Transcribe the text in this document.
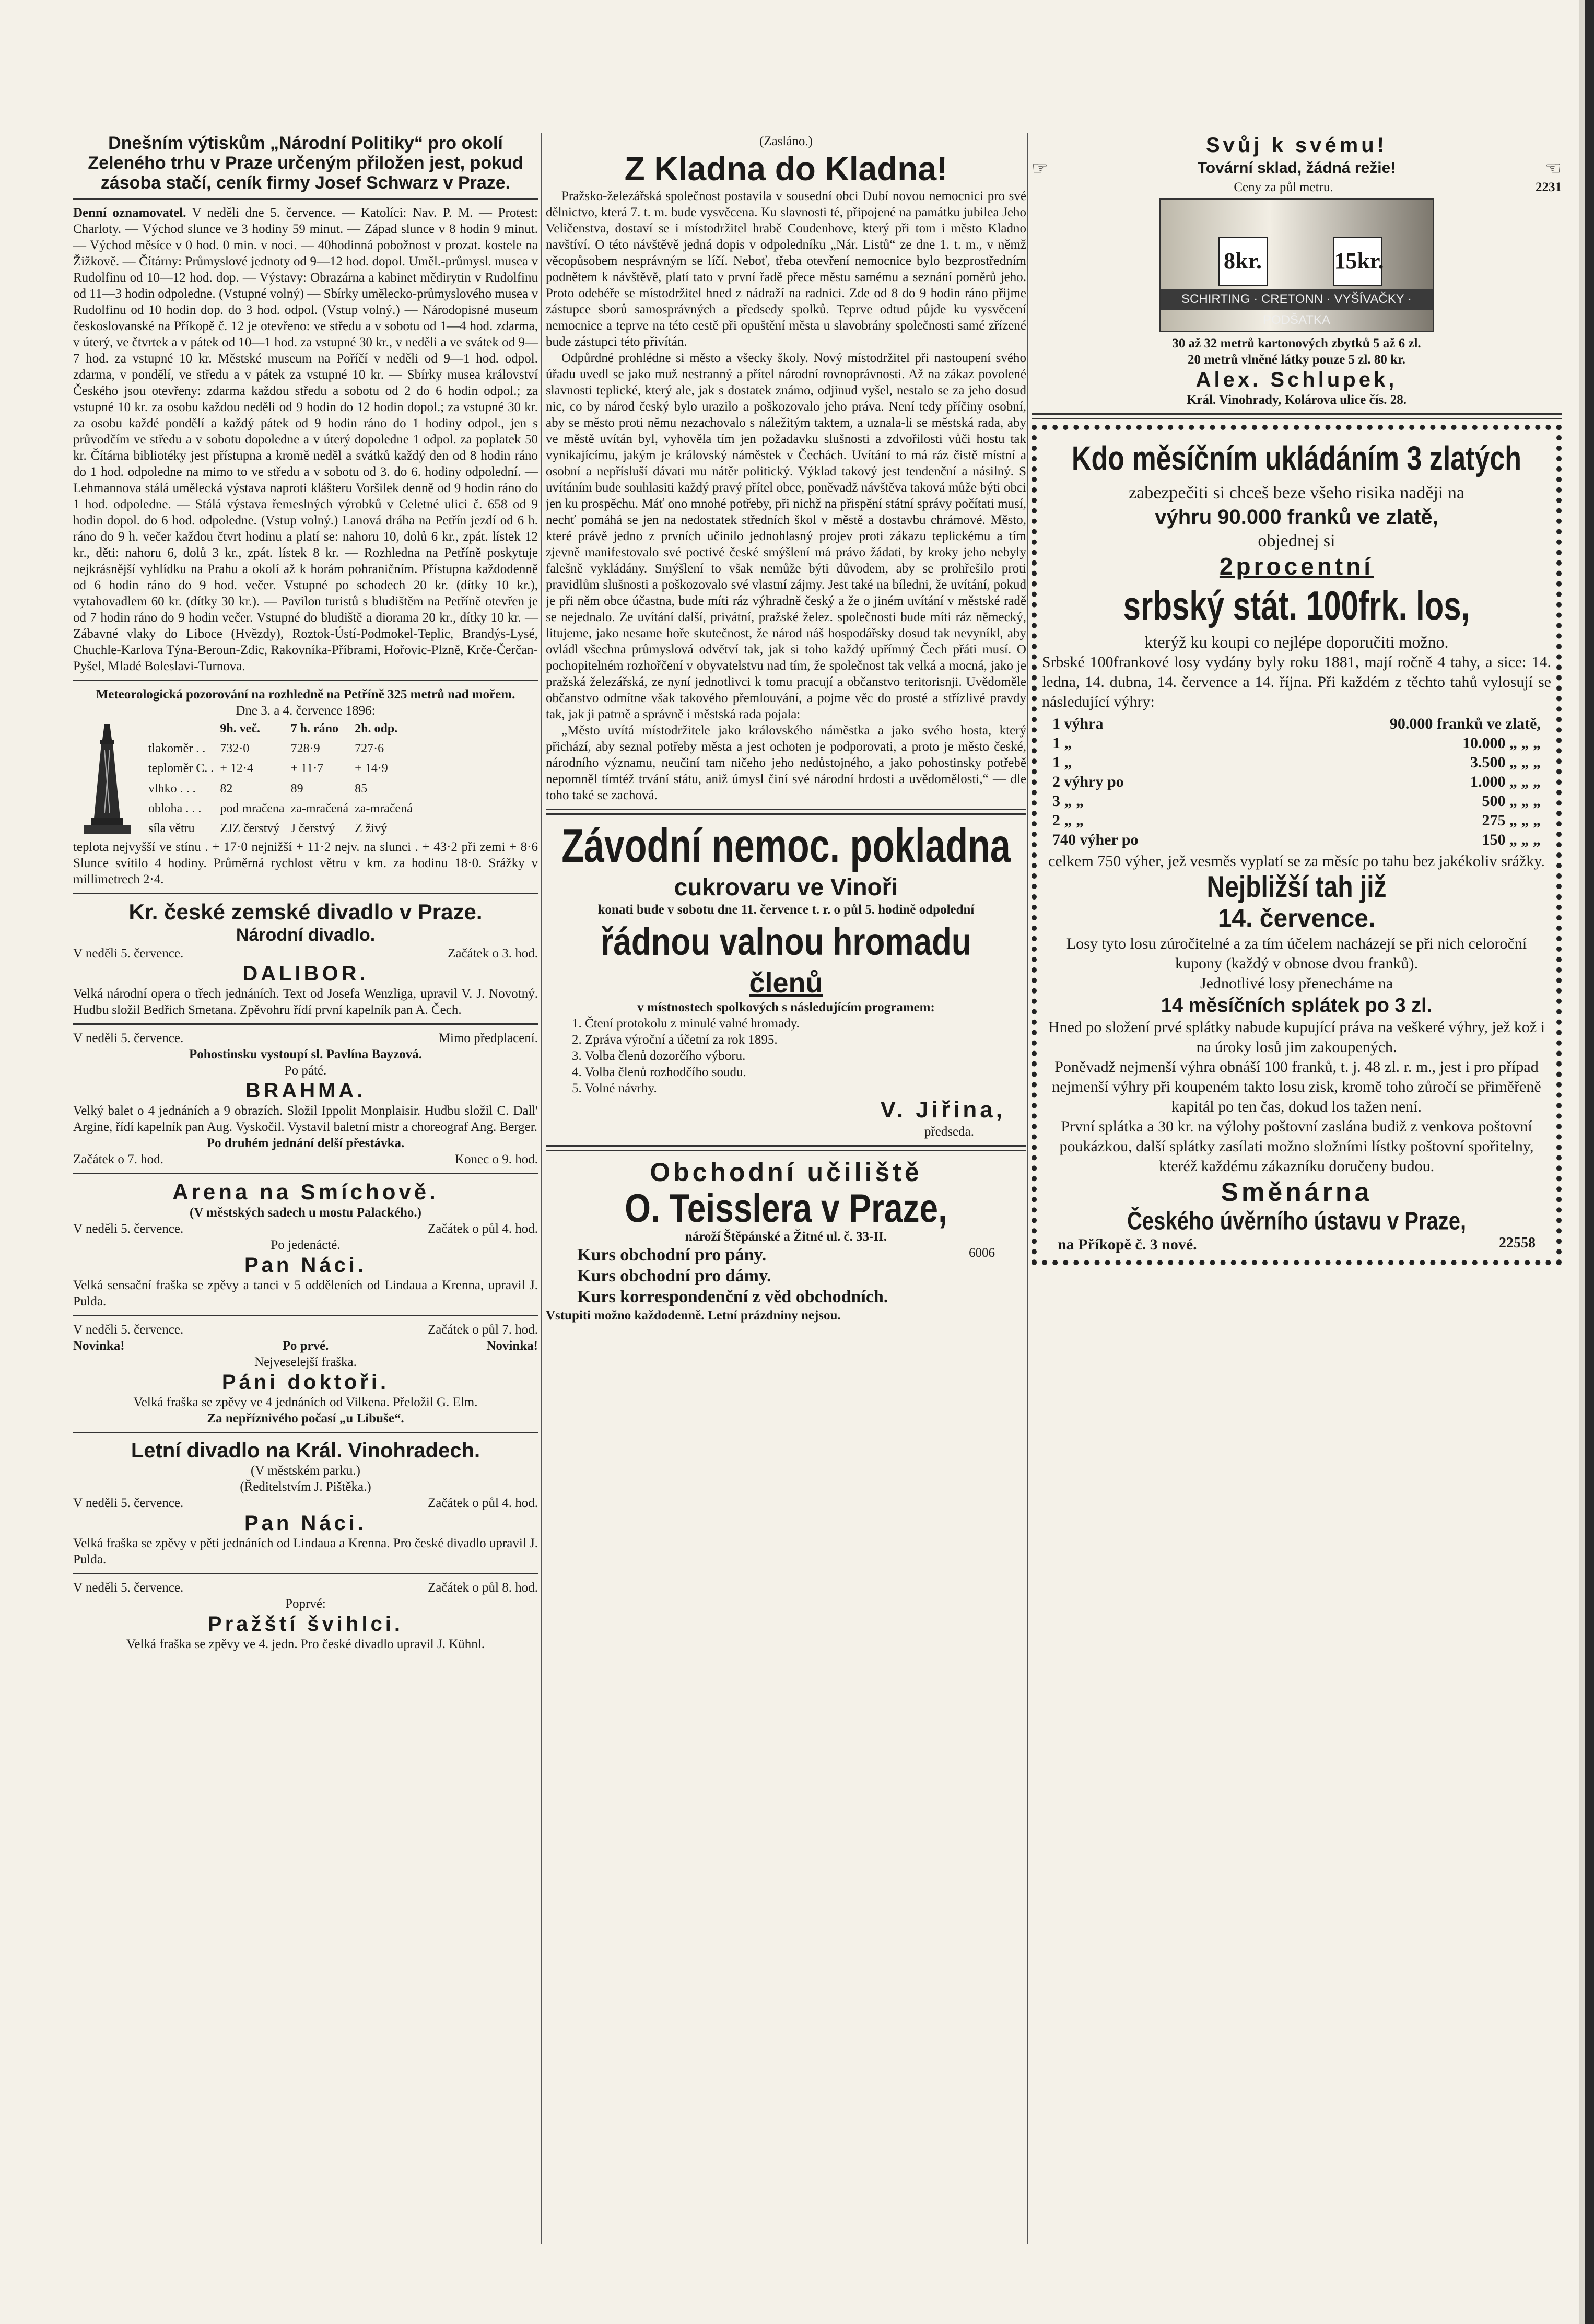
Dnešním výtiskům „Národní Politiky“ pro okolí Zeleného trhu v Praze určeným přiložen jest, pokud zásoba stačí, ceník firmy Josef Schwarz v Praze.

Denní oznamovatel. V neděli dne 5. července. — Katolíci: Nav. P. M. — Protest: Charloty. — Východ slunce ve 3 hodiny 59 minut. — Západ slunce v 8 hodin 9 minut. — Východ měsíce v 0 hod. 0 min. v noci. — 40hodinná pobožnost v prozat. kostele na Žižkově. — Čítárny: Průmyslové jednoty od 9—12 hod. dopol. Uměl.-průmysl. musea v Rudolfinu od 10—12 hod. dop. — Výstavy: Obrazárna a kabinet mědirytin v Rudolfinu od 11—3 hodin odpoledne. (Vstupné volný) — Sbírky umělecko-průmyslového musea v Rudolfinu od 10 hodin dop. do 3 hod. odpol. (Vstup volný.) — Národopisné museum českoslovanské na Příkopě č. 12 je otevřeno: ve středu a v sobotu od 1—4 hod. zdarma, v úterý, ve čtvrtek a v pátek od 10—1 hod. za vstupné 30 kr., v neděli a ve svátek od 9—7 hod. za vstupné 10 kr. Městské museum na Poříčí v neděli od 9—1 hod. odpol. zdarma, v pondělí, ve středu a v pátek za vstupné 10 kr. — Sbírky musea království Českého jsou otevřeny: zdarma každou středu a sobotu od 2 do 6 hodin odpol.; za vstupné 10 kr. za osobu každou neděli od 9 hodin do 12 hodin dopol.; za vstupné 30 kr. za osobu každé pondělí a každý pátek od 9 hodin ráno do 1 hodiny odpol., jen s průvodčím ve středu a v sobotu dopoledne a v úterý dopoledne 1 odpol. za poplatek 50 kr. Čítárna bibliotéky jest přístupna a kromě neděl a svátků každý den od 8 hodin ráno do 1 hod. odpoledne na mimo to ve středu a v sobotu od 3. do 6. hodiny odpolední. — Lehmannova stálá umělecká výstava naproti klášteru Voršilek denně od 9 hodin ráno do 1 hod. odpoledne. — Stálá výstava řemeslných výrobků v Celetné ulici č. 658 od 9 hodin dopol. do 6 hod. odpoledne. (Vstup volný.) Lanová dráha na Petřín jezdí od 6 h. ráno do 9 h. večer každou čtvrt hodinu a platí se: nahoru 10, dolů 6 kr., zpát. lístek 12 kr., děti: nahoru 6, dolů 3 kr., zpát. lístek 8 kr. — Rozhledna na Petříně poskytuje nejkrásnější vyhlídku na Prahu a okolí až k horám pohraničním. Přístupna každodenně od 6 hodin ráno do 9 hod. večer. Vstupné po schodech 20 kr. (dítky 10 kr.), vytahovadlem 60 kr. (dítky 30 kr.). — Pavilon turistů s bludištěm na Petříně otevřen je od 7 hodin ráno do 9 hodin večer. Vstupné do bludiště a diorama 20 kr., dítky 10 kr. — Zábavné vlaky do Liboce (Hvězdy), Roztok-Ústí-Podmokel-Teplic, Brandýs-Lysé, Chuchle-Karlova Týna-Beroun-Zdic, Rakovníka-Příbrami, Hořovic-Plzně, Krče-Čerčan-Pyšel, Mladé Boleslavi-Turnova.

Meteorologická pozorování na rozhledně na Petříně 325 metrů nad mořem.

Dne 3. a 4. července 1896:

	9h. več.	7 h. ráno	2h. odp.
tlakoměr . .	732·0	728·9	727·6
teploměr C. .	+ 12·4	+ 11·7	+ 14·9
vlhko . . .	82	89	85
obloha . . .	pod mračena	za-mračená	za-mračená
síla větru	ZJZ čerstvý	J čerstvý	Z živý

teplota nejvyšší ve stínu . + 17·0 nejnižší + 11·2 nejv. na slunci . + 43·2 při zemi + 8·6 Slunce svítilo 4 hodiny. Průměrná rychlost větru v km. za hodinu 18·0. Srážky v millimetrech 2·4.

Kr. české zemské divadlo v Praze.

Národní divadlo.

V neděli 5. července.	Začátek o 3. hod.

DALIBOR.

Velká národní opera o třech jednáních. Text od Josefa Wenzliga, upravil V. J. Novotný. Hudbu složil Bedřich Smetana. Zpěvohru řídí první kapelník pan A. Čech.

V neděli 5. července.	Mimo předplacení.

Pohostinsku vystoupí sl. Pavlína Bayzová.

Po páté.

BRAHMA.

Velký balet o 4 jednáních a 9 obrazích. Složil Ippolit Monplaisir. Hudbu složil C. Dall' Argine, řídí kapelník pan Aug. Vyskočil. Vystavil baletní mistr a choreograf Ang. Berger.

Po druhém jednání delší přestávka.

Začátek o 7. hod.	Konec o 9. hod.

Arena na Smíchově.

(V městských sadech u mostu Palackého.)

V neděli 5. července.	Začátek o půl 4. hod.

Po jedenácté.

Pan Náci.

Velká sensační fraška se zpěvy a tanci v 5 odděleních od Lindaua a Krenna, upravil J. Pulda.

V neděli 5. července.	Začátek o půl 7. hod.
Novinka!	Po prvé.	Novinka!

Nejveselejší fraška.

Páni doktoři.

Velká fraška se zpěvy ve 4 jednáních od Vilkena. Přeložil G. Elm.

Za nepříznivého počasí „u Libuše“.

Letní divadlo na Král. Vinohradech.

(V městském parku.)

(Ředitelstvím J. Pištěka.)

V neděli 5. července.	Začátek o půl 4. hod.

Pan Náci.

Velká fraška se zpěvy v pěti jednáních od Lindaua a Krenna. Pro české divadlo upravil J. Pulda.

V neděli 5. července.	Začátek o půl 8. hod.

Poprvé:

Pražští švihlci.

Velká fraška se zpěvy ve 4. jedn. Pro české divadlo upravil J. Kühnl.

(Zasláno.)

Z Kladna do Kladna!

Pražsko-železářská společnost postavila v sousední obci Dubí novou nemocnici pro své dělnictvo, která 7. t. m. bude vysvěcena. Ku slavnosti té, připojené na památku jubilea Jeho Veličenstva, dostaví se i místodržitel hrabě Coudenhove, který při tom i město Kladno navštíví. O této návštěvě jedná dopis v odpoledníku „Nár. Listů“ ze dne 1. t. m., v němž věcopůsobem nesprávným se líčí. Neboť, třeba otevření nemocnice bylo bezprostředním podnětem k návštěvě, platí tato v první řadě přece městu samému a seznání poměrů jeho. Proto odebéře se místodržitel hned z nádraží na radnici. Zde od 8 do 9 hodin ráno přijme zástupce sborů samosprávných a předsedy spolků. Teprve odtud půjde ku vysvěcení nemocnice a teprve na této cestě při opuštění města u slavobrány společnosti samé zřízené bude zástupci této přivítán.

Odpůrdné prohlédne si město a všecky školy. Nový místodržitel při nastoupení svého úřadu uvedl se jako muž nestranný a přítel národní rovnoprávnosti. Až na zákaz povolené slavnosti teplické, který ale, jak s dostatek známo, odjinud vyšel, nestalo se za jeho dosud nic, co by národ český bylo urazilo a poškozovalo jeho práva. Není tedy příčiny osobní, aby se město proti němu nezachovalo s náležitým taktem, a uznala-li se městská rada, aby ve městě uvítán byl, vyhověla tím jen požadavku slušnosti a zdvořilosti vůči hostu tak vynikajícímu, jakým je královský náměstek v Čechách. Uvítání to má ráz čistě místní a osobní a nepřísluší dávati mu nátěr politický. Výklad takový jest tendenční a násilný. S uvítáním bude souhlasiti každý pravý přítel obce, poněvadž návštěva taková může býti obci jen ku prospěchu. Máť ono mnohé potřeby, při nichž na přispění státní správy počítati musí, nechť pomáhá se jen na nedostatek středních škol v městě a dostavbu chrámové. Město, které právě jedno z prvních učinilo jednohlasný projev proti zákazu teplickému a tím zjevně manifestovalo své poctivé české smýšlení má právo žádati, by kroky jeho nebyly falešně vykládány. Smýšlení to však nemůže býti důvodem, aby se prohřešilo proti pravidlům slušnosti a poškozovalo své vlastní zájmy. Jest také na bíledni, že uvítání, pokud je při něm obce účastna, bude míti ráz výhradně český a že o jiném uvítání v městské radě se nejednalo. Ze uvítání další, privátní, pražské želez. společnosti bude míti ráz německý, litujeme, jako nesame hoře skutečnost, že národ náš hospodářsky dosud tak nevyníkl, aby ovládl všechna průmyslová odvětví tak, jak si toho každý upřímný Čech přáti musí. O pochopitelném rozhořčení v obyvatelstvu nad tím, že společnost tak velká a mocná, jako je pražská železářská, ze nyní jednotlivci k tomu pracují a občanstvo teritorisnji. Uvědoměle občanstvo odmítne však takového přemlouvání, a pojme věc do prosté a střízlivé pravdy tak, jak ji patrně a správně i městská rada pojala:

„Město uvítá místodržitele jako královského náměstka a jako svého hosta, který přichází, aby seznal potřeby města a jest ochoten je podporovati, a proto je město české, národního významu, neučiní tam ničeho jeho nedůstojného, a jako pohostinsky potřebě nepomněl tímtéž trvání státu, aniž úmysl činí své národní hrdosti a uvědomělosti,“ — dle toho také se zachová.

Závodní nemoc. pokladna

cukrovaru ve Vinoři

konati bude v sobotu dne 11. července t. r. o půl 5. hodině odpolední

řádnou valnou hromadu

členů

v místnostech spolkových s následujícím programem:

1. Čtení protokolu z minulé valné hromady.

2. Zpráva výroční a účetní za rok 1895.

3. Volba členů dozorčího výboru.

4. Volba členů rozhodčího soudu.

5. Volné návrhy.

V. Jiřina,

předseda.

Obchodní učiliště

O. Teisslera v Praze,

nároží Štěpánské a Žitné ul. č. 33-II.

Kurs obchodní pro pány.	6006

Kurs obchodní pro dámy.

Kurs korrespondenční z věd obchodních.

Vstupiti možno každodenně. Letní prázdniny nejsou.

Svůj k svému!

☞	Tovární sklad, žádná režie!	☜
Ceny za půl metru.	2231
8kr.	15kr.
SCHIRTING · CRETONN · VYŠÍVAČKY · PODŠATKA

30 až 32 metrů kartonových zbytků 5 až 6 zl.

20 metrů vlněné látky pouze 5 zl. 80 kr.

Alex. Schlupek,

Král. Vinohrady, Kolárova ulice čís. 28.

Kdo měsíčním ukládáním 3 zlatých

zabezpečiti si chceš beze všeho risika naději na

výhru 90.000 franků ve zlatě,

objednej si

2procentní

srbský stát. 100frk. los,

kterýž ku koupi co nejlépe doporučiti možno.

Srbské 100frankové losy vydány byly roku 1881, mají ročně 4 tahy, a sice: 14. ledna, 14. dubna, 14. července a 14. října. Při každém z těchto tahů vylosují se následující výhry:

1 výhra	90.000 franků ve zlatě,
1 „	10.000 „ „ „
1 „	3.500 „ „ „
2 výhry po	1.000 „ „ „
3 „ „	500 „ „ „
2 „ „	275 „ „ „
740 výher po	150 „ „ „

celkem 750 výher, jež vesměs vyplatí se za měsíc po tahu bez jakékoliv srážky.

Nejbližší tah již

14. července.

Losy tyto losu zúročitelné a za tím účelem nacházejí se při nich celoroční kupony (každý v obnose dvou franků).

Jednotlivé losy přenecháme na

14 měsíčních splátek po 3 zl.

Hned po složení prvé splátky nabude kupující práva na veškeré výhry, jež kož i na úroky losů jim zakoupených.

Poněvadž nejmenší výhra obnáší 100 franků, t. j. 48 zl. r. m., jest i pro případ nejmenší výhry při koupeném takto losu zisk, kromě toho zůročí se přiměřeně kapitál po ten čas, dokud los tažen není.

První splátka a 30 kr. na výlohy poštovní zaslána budiž z venkova poštovní poukázkou, další splátky zasílati možno složními lístky poštovní spořitelny, kteréž každému zákazníku doručeny budou.

Směnárna

Českého úvěrního ústavu v Praze,

na Příkopě č. 3 nové.	22558
